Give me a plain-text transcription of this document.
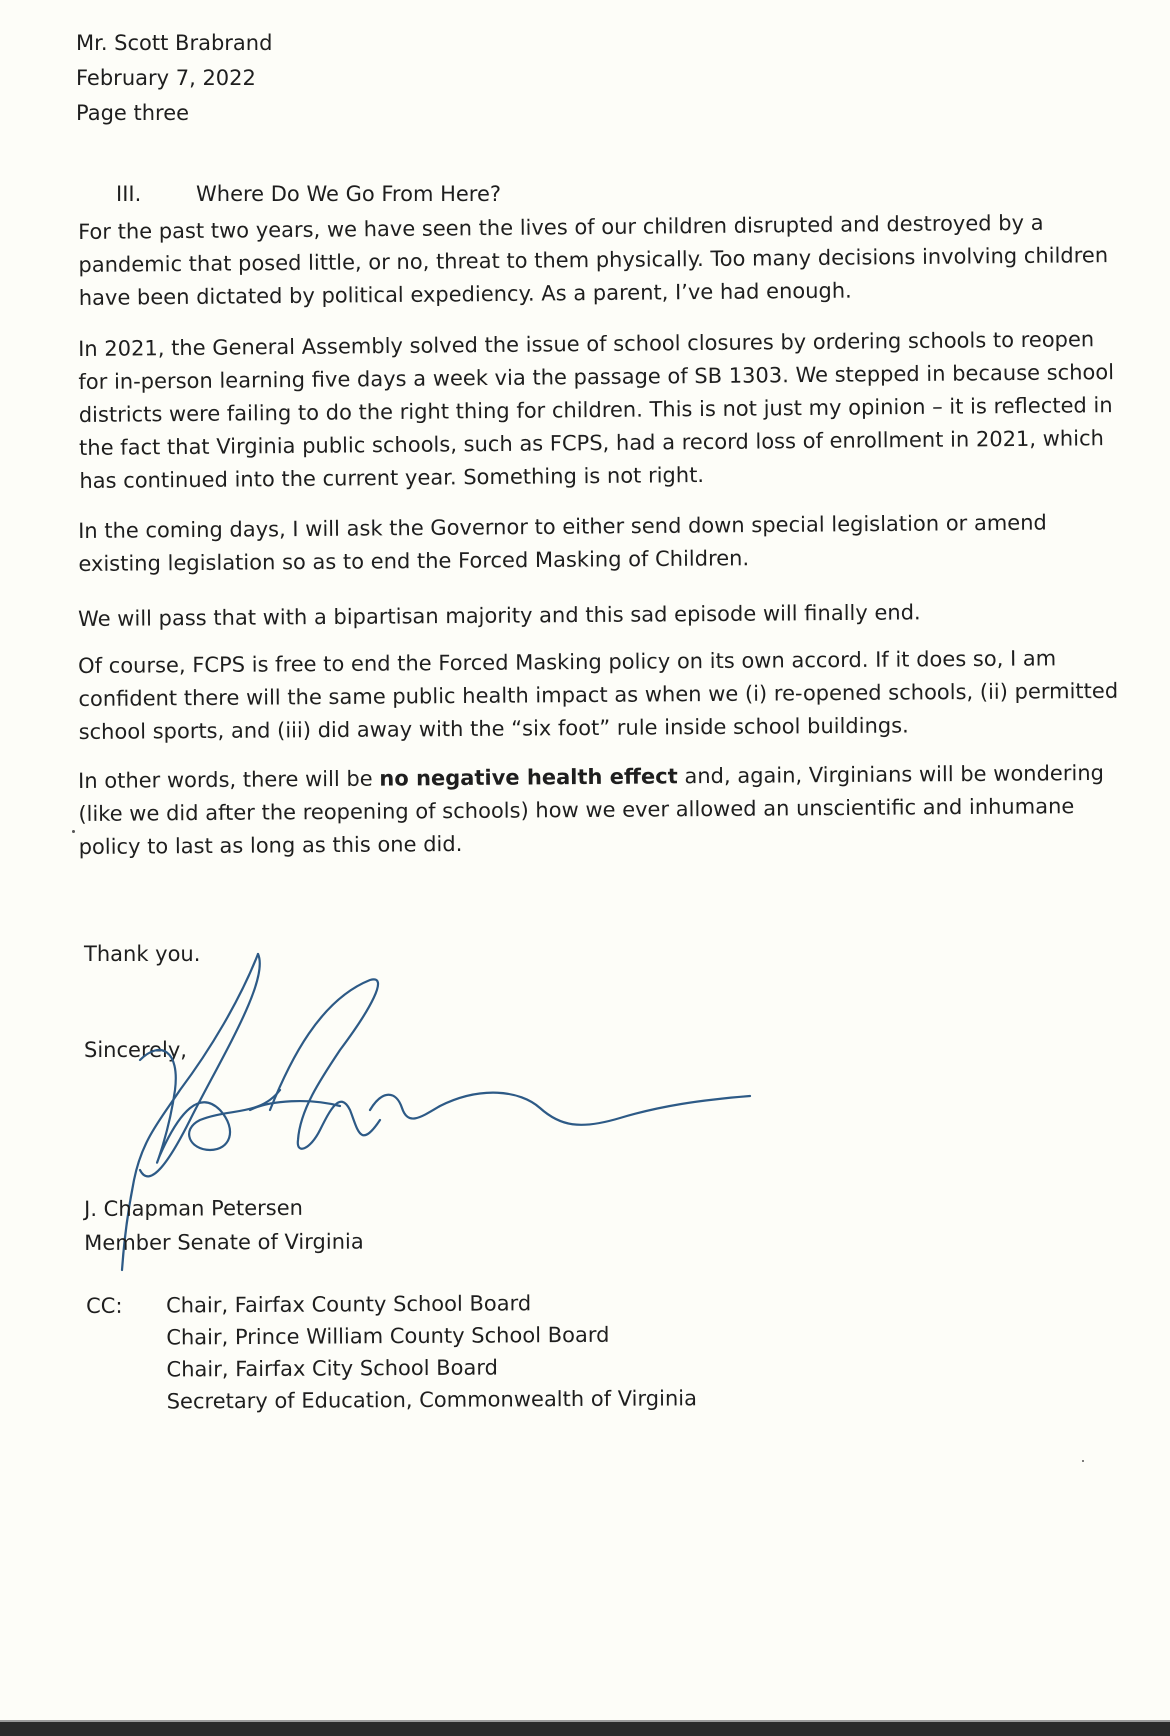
Mr. Scott Brabrand
February 7, 2022
Page three
III.	Where Do We Go From Here?

For the past two years, we have seen the lives of our children disrupted and destroyed by a pandemic that posed little, or no, threat to them physically. Too many decisions involving children have been dictated by political expediency. As a parent, I’ve had enough.

In 2021, the General Assembly solved the issue of school closures by ordering schools to reopen for in-person learning five days a week via the passage of SB 1303. We stepped in because school districts were failing to do the right thing for children. This is not just my opinion – it is reflected in the fact that Virginia public schools, such as FCPS, had a record loss of enrollment in 2021, which has continued into the current year. Something is not right.

In the coming days, I will ask the Governor to either send down special legislation or amend existing legislation so as to end the Forced Masking of Children.

We will pass that with a bipartisan majority and this sad episode will finally end.

Of course, FCPS is free to end the Forced Masking policy on its own accord. If it does so, I am confident there will the same public health impact as when we (i) re-opened schools, (ii) permitted school sports, and (iii) did away with the “six foot” rule inside school buildings.

In other words, there will be no negative health effect and, again, Virginians will be wondering (like we did after the reopening of schools) how we ever allowed an unscientific and inhumane policy to last as long as this one did.

Thank you.

Sincerely,

J. Chapman Petersen
Member Senate of Virginia
CC:	Chair, Fairfax County School Board
Chair, Prince William County School Board
Chair, Fairfax City School Board
Secretary of Education, Commonwealth of Virginia
